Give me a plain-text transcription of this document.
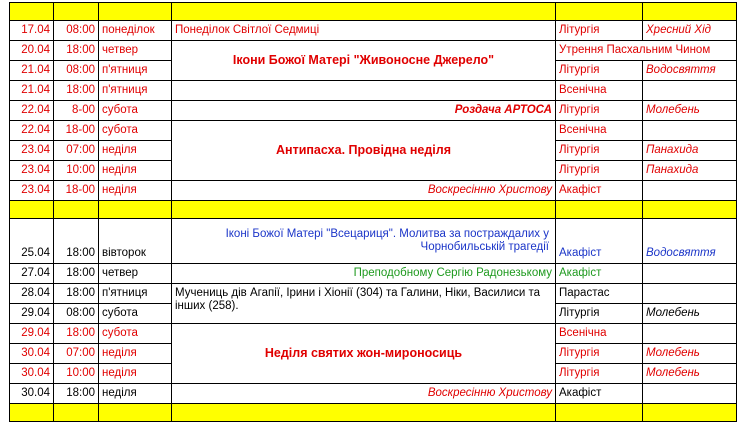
17.04	08:00	понеділок	Понеділок Світлої Седмиці	Літургія	Хресний Хід
20.04	18:00	четвер	Ікони Божої Матері "Живоносне Джерело"	Утрення Пасхальним Чином	
21.04	08:00	п'ятниця		Літургія	Водосвяття
21.04	18:00	п'ятниця		Всенічна	
22.04	8-00	субота	Роздача АРТОСА	Літургія	Молебень
22.04	18-00	субота	Антипасха. Провідна неділя	Всенічна	
23.04	07:00	неділя		Літургія	Панахида
23.04	10:00	неділя		Літургія	Панахида
23.04	18-00	неділя	Воскресінню Христову	Акафіст	

25.04	18:00	вівторок	Іконі Божої Матері "Всецариця". Молитва за постраждалих у Чорнобильській трагедії	Акафіст	Водосвяття
27.04	18:00	четвер	Преподобному Сергію Радонезькому	Акафіст	
28.04	18:00	п'ятниця	Мучениць дів Агапії, Ірини і Хіонії (304) та Галини, Ніки, Василиси та інших (258).	Парастас	
29.04	08:00	субота		Літургія	Молебень
29.04	18:00	субота	Неділя святих жон-мироносиць	Всенічна	
30.04	07:00	неділя		Літургія	Молебень
30.04	10:00	неділя		Літургія	Молебень
30.04	18:00	неділя	Воскресінню Христову	Акафіст	
